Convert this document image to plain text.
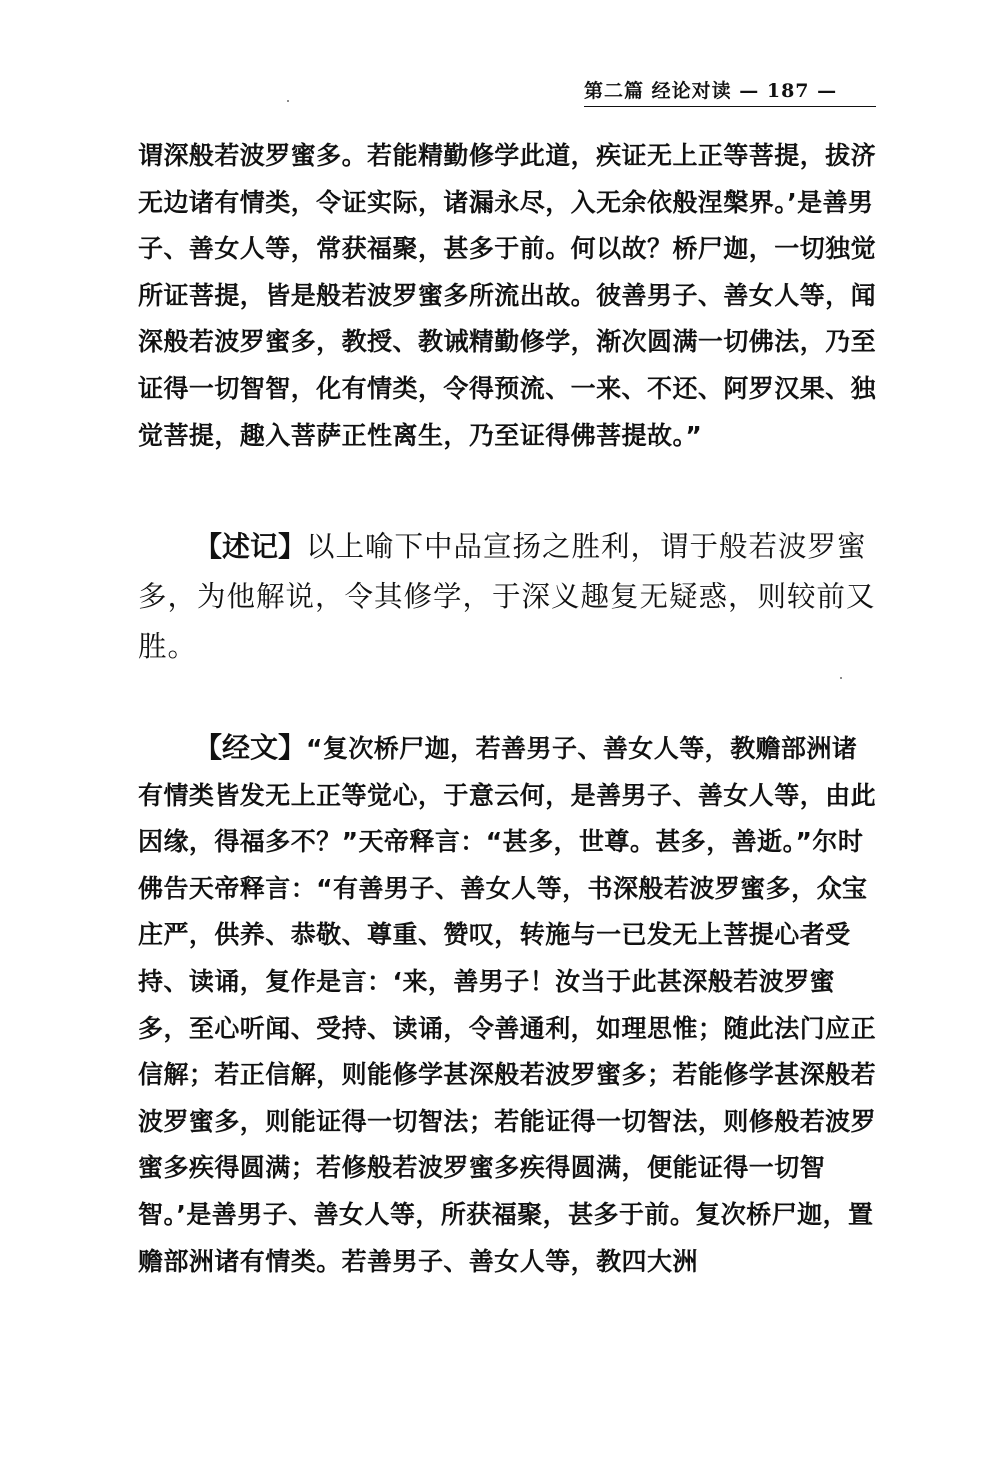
第二篇 经论对读 — 187 —

谓深般若波罗蜜多。若能精勤修学此道，疾证无上正等菩提，拔济无边诸有情类，令证实际，诸漏永尽，入无余依般涅槃界。’是善男子、善女人等，常获福聚，甚多于前。何以故？桥尸迦，一切独觉所证菩提，皆是般若波罗蜜多所流出故。彼善男子、善女人等，闻深般若波罗蜜多，教授、教诫精勤修学，渐次圆满一切佛法，乃至证得一切智智，化有情类，令得预流、一来、不还、阿罗汉果、独觉菩提，趣入菩萨正性离生，乃至证得佛菩提故。”

【述记】以上喻下中品宣扬之胜利，谓于般若波罗蜜多，为他解说，令其修学，于深义趣复无疑惑，则较前又胜。

【经文】“复次桥尸迦，若善男子、善女人等，教赡部洲诸有情类皆发无上正等觉心，于意云何，是善男子、善女人等，由此因缘，得福多不？”天帝释言：“甚多，世尊。甚多，善逝。”尔时佛告天帝释言：“有善男子、善女人等，书深般若波罗蜜多，众宝庄严，供养、恭敬、尊重、赞叹，转施与一已发无上菩提心者受持、读诵，复作是言：‘来，善男子！汝当于此甚深般若波罗蜜多，至心听闻、受持、读诵，令善通利，如理思惟；随此法门应正信解；若正信解，则能修学甚深般若波罗蜜多；若能修学甚深般若波罗蜜多，则能证得一切智法；若能证得一切智法，则修般若波罗蜜多疾得圆满；若修般若波罗蜜多疾得圆满，便能证得一切智智。’是善男子、善女人等，所获福聚，甚多于前。复次桥尸迦，置赡部洲诸有情类。若善男子、善女人等，教四大洲
